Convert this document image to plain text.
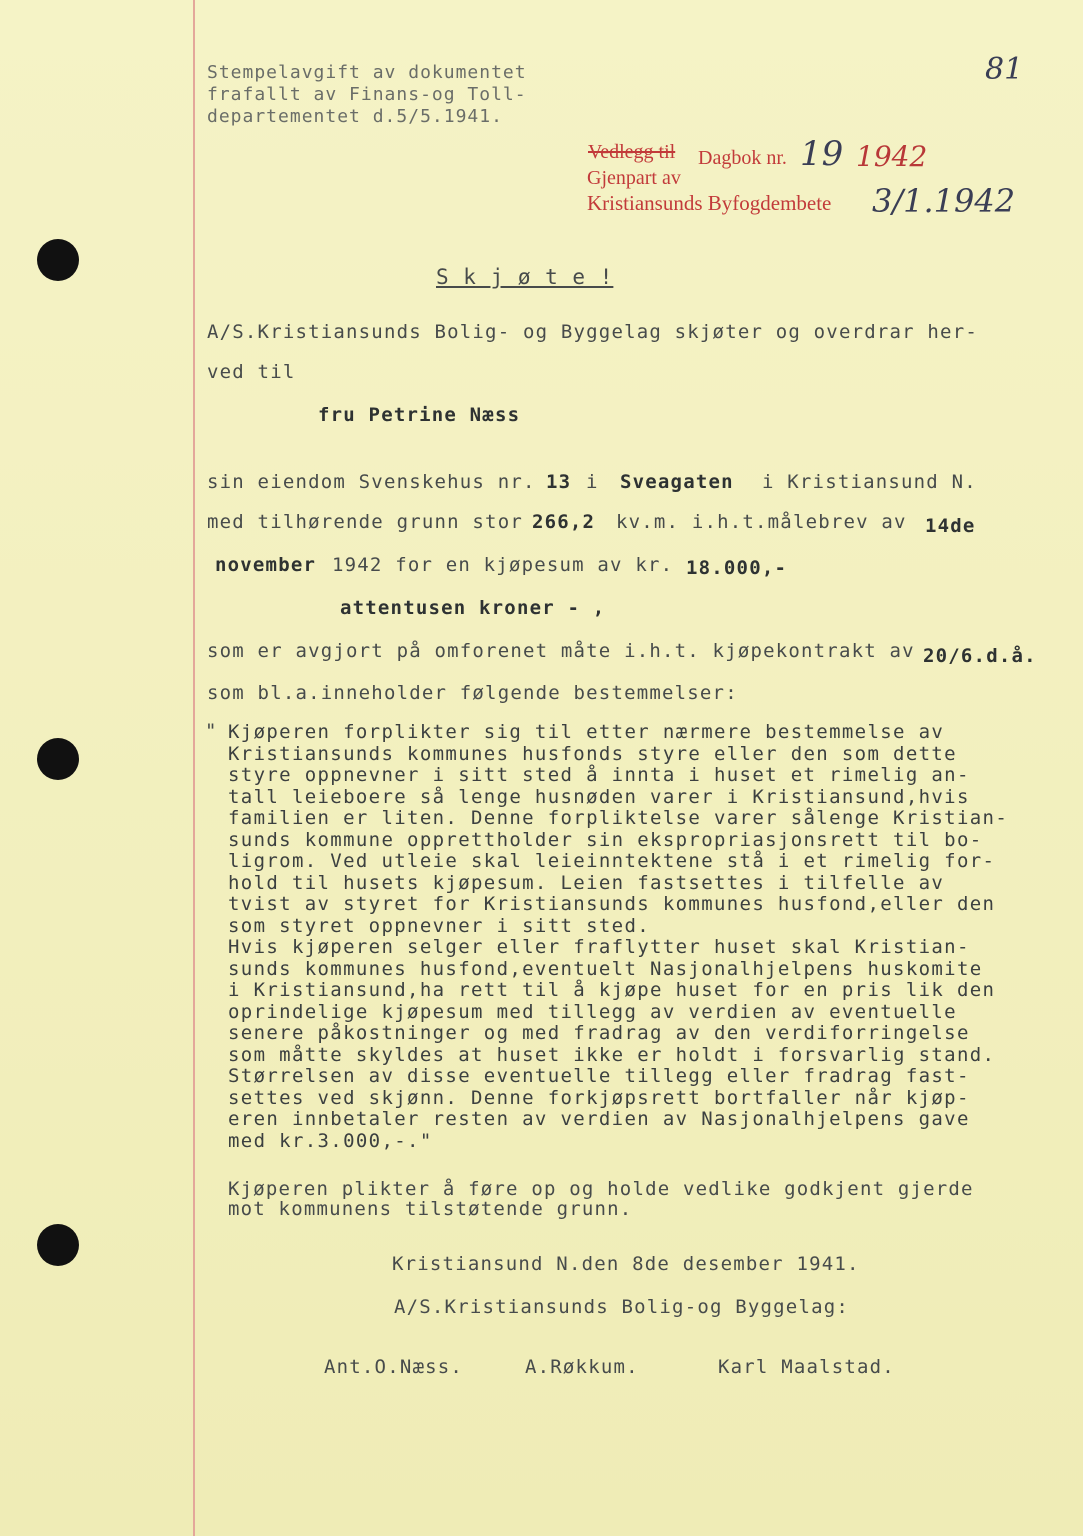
81
Stempelavgift av dokumentet
frafallt av Finans-og Toll-
departementet d.5/5.1941.
Vedlegg til Dagbok nr. 19 1942
Gjenpart av
Kristiansunds Byfogdembete 3/1.1942
S k j ø t e !
A/S.Kristiansunds Bolig- og Byggelag skjøter og overdrar her-
ved til
fru Petrine Næss
sin eiendom Svenskehus nr. 13 i Sveagaten i Kristiansund N.
med tilhørende grunn stor 266,2 kv.m. i.h.t.målebrev av 14de
november 1942 for en kjøpesum av kr. 18.000,-
attentusen kroner - ,
som er avgjort på omforenet måte i.h.t. kjøpekontrakt av 20/6.d.å.
som bl.a.inneholder følgende bestemmelser:
" Kjøperen forplikter sig til etter nærmere bestemmelse av
Kristiansunds kommunes husfonds styre eller den som dette
styre oppnevner i sitt sted å innta i huset et rimelig an-
tall leieboere så lenge husnøden varer i Kristiansund,hvis
familien er liten. Denne forpliktelse varer sålenge Kristian-
sunds kommune opprettholder sin ekspropriasjonsrett til bo-
ligrom. Ved utleie skal leieinntektene stå i et rimelig for-
hold til husets kjøpesum. Leien fastsettes i tilfelle av
tvist av styret for Kristiansunds kommunes husfond,eller den
som styret oppnevner i sitt sted.
Hvis kjøperen selger eller fraflytter huset skal Kristian-
sunds kommunes husfond,eventuelt Nasjonalhjelpens huskomite
i Kristiansund,ha rett til å kjøpe huset for en pris lik den
oprindelige kjøpesum med tillegg av verdien av eventuelle
senere påkostninger og med fradrag av den verdiforringelse
som måtte skyldes at huset ikke er holdt i forsvarlig stand.
Størrelsen av disse eventuelle tillegg eller fradrag fast-
settes ved skjønn. Denne forkjøpsrett bortfaller når kjøp-
eren innbetaler resten av verdien av Nasjonalhjelpens gave
med kr.3.000,-."
Kjøperen plikter å føre op og holde vedlike godkjent gjerde
mot kommunens tilstøtende grunn.
Kristiansund N.den 8de desember 1941.
A/S.Kristiansunds Bolig-og Byggelag:
Ant.O.Næss.	A.Røkkum.	Karl Maalstad.
